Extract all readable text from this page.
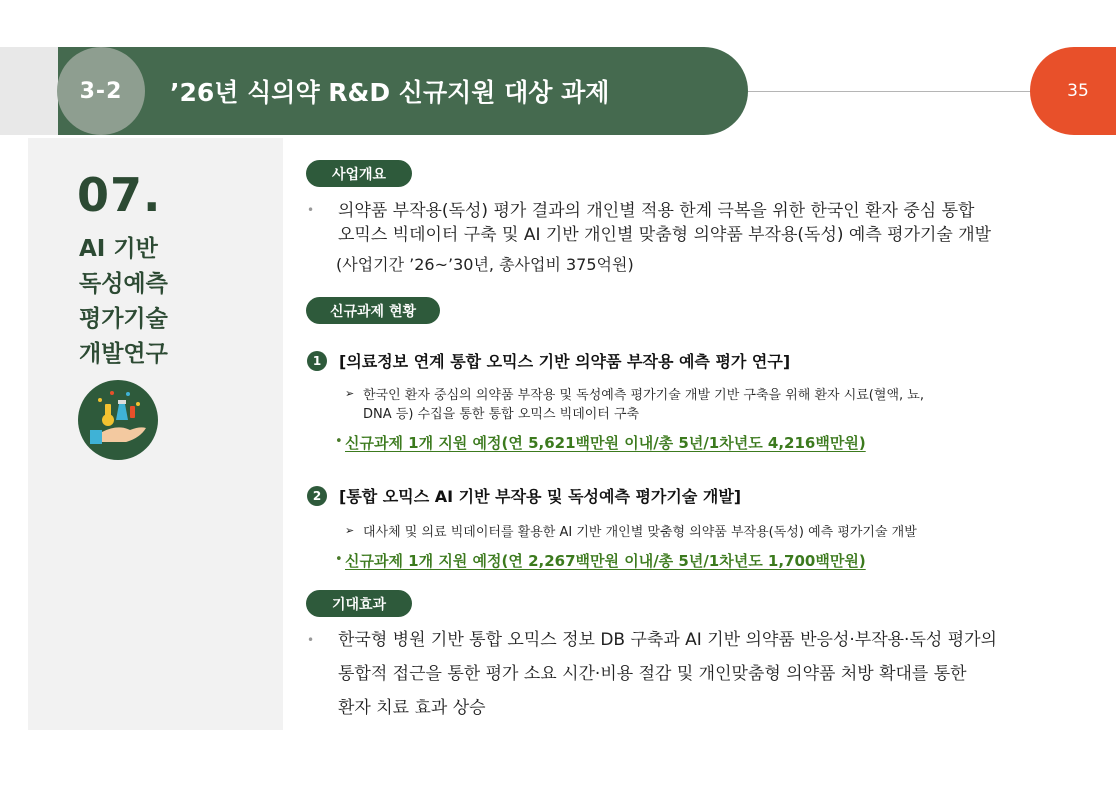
3-2	’26년 식의약 R&D 신규지원 대상 과제	35
07.
AI 기반
독성예측
평가기술
개발연구
사업개요
• 의약품 부작용(독성) 평가 결과의 개인별 적용 한계 극복을 위한 한국인 환자 중심 통합
오믹스 빅데이터 구축 및 AI 기반 개인별 맞춤형 의약품 부작용(독성) 예측 평가기술 개발
(사업기간 ’26~’30년, 총사업비 375억원)
신규과제 현황
1	[의료정보 연계 통합 오믹스 기반 의약품 부작용 예측 평가 연구]
➢ 한국인 환자 중심의 의약품 부작용 및 독성예측 평가기술 개발 기반 구축을 위해 환자 시료(혈액, 뇨,
DNA 등) 수집을 통한 통합 오믹스 빅데이터 구축
• 신규과제 1개 지원 예정(연 5,621백만원 이내/총 5년/1차년도 4,216백만원)
2	[통합 오믹스 AI 기반 부작용 및 독성예측 평가기술 개발]
➢ 대사체 및 의료 빅데이터를 활용한 AI 기반 개인별 맞춤형 의약품 부작용(독성) 예측 평가기술 개발
• 신규과제 1개 지원 예정(연 2,267백만원 이내/총 5년/1차년도 1,700백만원)
기대효과
• 한국형 병원 기반 통합 오믹스 정보 DB 구축과 AI 기반 의약품 반응성·부작용·독성 평가의
통합적 접근을 통한 평가 소요 시간·비용 절감 및 개인맞춤형 의약품 처방 확대를 통한
환자 치료 효과 상승
